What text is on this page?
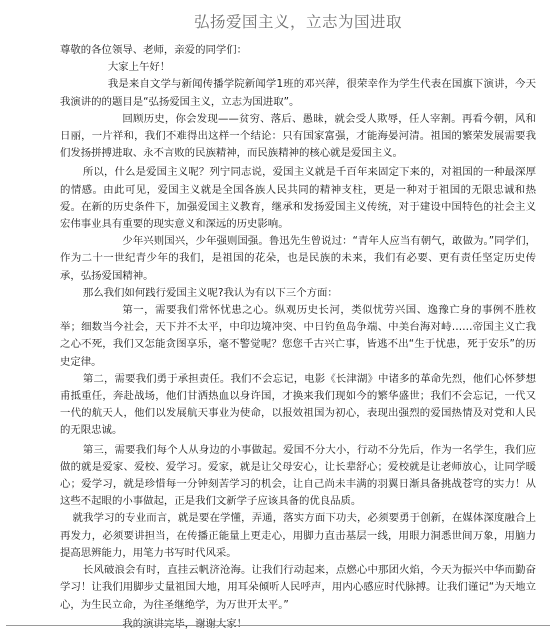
弘扬爱国主义，立志为国进取

尊敬的各位领导、老师，亲爱的同学们：

大家上午好！

我是来自文学与新闻传播学院新闻学1班的邓兴萍，很荣幸作为学生代表在国旗下演讲，今天我演讲的的题目是“弘扬爱国主义，立志为国进取”。

回顾历史，你会发现——贫穷、落后、愚昧，就会受人欺辱，任人宰割。再看今朝，风和日丽，一片祥和，我们不难得出这样一个结论：只有国家富强，才能海晏河清。祖国的繁荣发展需要我们发扬拼搏进取、永不言败的民族精神，而民族精神的核心就是爱国主义。

所以，什么是爱国主义呢？列宁同志说，爱国主义就是千百年来固定下来的，对祖国的一种最深厚的情感。由此可见，爱国主义就是全国各族人民共同的精神支柱，更是一种对于祖国的无限忠诚和热爱。在新的历史条件下，加强爱国主义教育，继承和发扬爱国主义传统，对于建设中国特色的社会主义宏伟事业具有重要的现实意义和深远的历史影响。

少年兴则国兴，少年强则国强。鲁迅先生曾说过：“青年人应当有朝气，敢做为。”同学们，作为二十一世纪青少年的我们，是祖国的花朵，也是民族的未来，我们有必要、更有责任坚定历史传承，弘扬爱国精神。

那么我们如何践行爱国主义呢?我认为有以下三个方面：

第一，需要我们常怀忧患之心。纵观历史长河，类似忧劳兴国、逸豫亡身的事例不胜枚举；细数当今社会，天下并不太平，中印边境冲突、中日钓鱼岛争端、中美台海对峙……帝国主义亡我之心不死，我们又怎能贪图享乐，毫不警觉呢？您您千古兴亡事，皆逃不出“生于忧患，死于安乐”的历史定律。

第二，需要我们勇于承担责任。我们不会忘记，电影《长津湖》中诸多的革命先烈，他们心怀梦想甫抵重任，奔赴战场，他们甘洒热血以身许国，才换来我们现如今的繁华盛世；我们不会忘记，一代又一代的航天人，他们以发展航天事业为使命，以报效祖国为初心，表现出强烈的爱国热情及对党和人民的无限忠诚。

第三，需要我们每个人从身边的小事做起。爱国不分大小，行动不分先后，作为一名学生，我们应做的就是爱家、爱校、爱学习。爱家，就是让父母安心，让长辈舒心；爱校就是让老师放心，让同学暖心；爱学习，就是珍惜每一分钟刻苦学习的机会，让自己尚未丰满的羽翼日渐具备挑战苍穹的实力！从这些不起眼的小事做起，正是我们文新学子应该具备的优良品质。

就我学习的专业而言，就是要在学懂，弄通，落实方面下功夫，必须要勇于创新，在媒体深度融合上再发力，必须要讲担当，在传播正能量上更走心，用脚力直击基层一线，用眼力洞悉世间万象，用脑力提高思辨能力，用笔力书写时代风采。

长风破浪会有时，直挂云帆济沧海。让我们行动起来，点燃心中那团火焰，今天为振兴中华而勤奋学习！让我们用脚步丈量祖国大地，用耳朵倾听人民呼声，用内心感应时代脉搏。让我们谨记“为天地立心，为生民立命，为往圣继绝学，为万世开太平。”

我的演讲完毕，谢谢大家！
